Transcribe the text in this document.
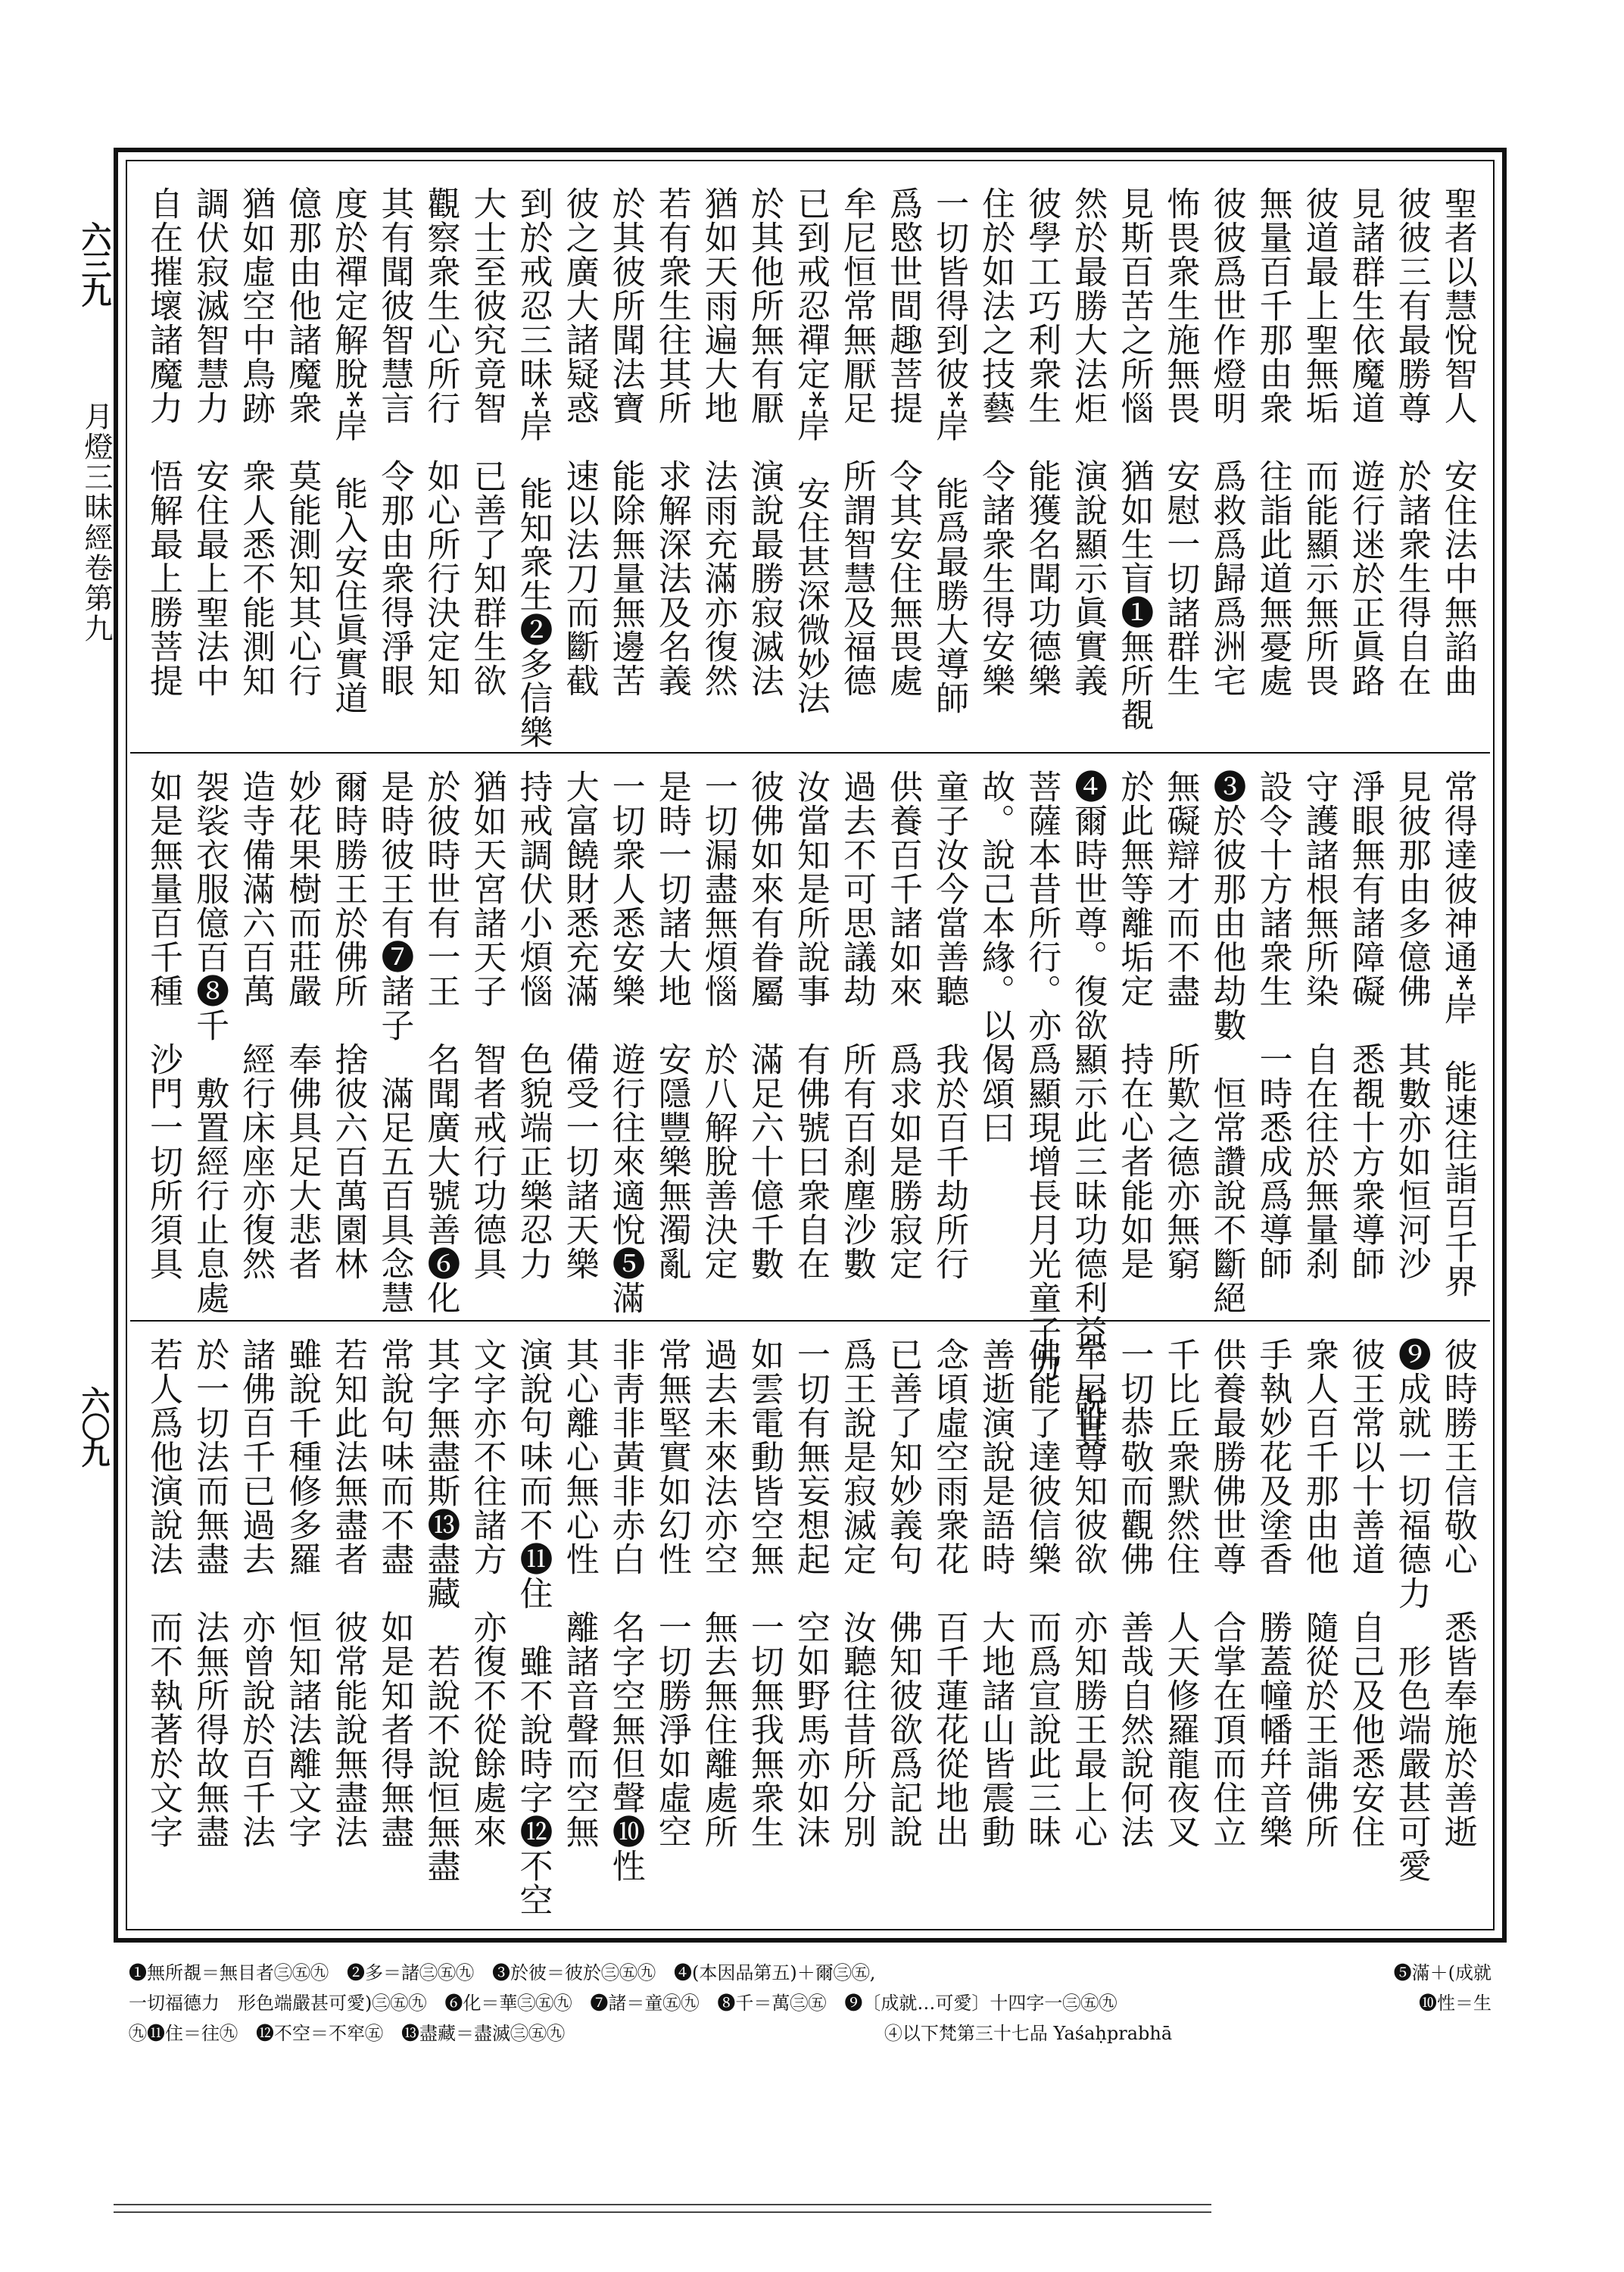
六三九
月燈三昧經卷第九
六〇九
聖者以慧悅智人　安住法中無諂曲
彼彼三有最勝尊　於諸衆生得自在
見諸群生依魔道　遊行迷於正眞路
彼道最上聖無垢　而能顯示無所畏
無量百千那由衆　往詣此道無憂處
彼彼爲世作燈明　爲救爲歸爲洲宅
怖畏衆生施無畏　安慰一切諸群生
見斯百苦之所惱　猶如生盲❶無所覩
然於最勝大法炬　演說顯示眞實義
彼學工巧利衆生　能獲名聞功德樂
住於如法之技藝　令諸衆生得安樂
一切皆得到彼*岸　能爲最勝大導師
爲愍世間趣菩提　令其安住無畏處
牟尼恒常無厭足　所謂智慧及福德
已到戒忍禪定*岸　安住甚深微妙法
於其他所無有厭　演說最勝寂滅法
猶如天雨遍大地　法雨充滿亦復然
若有衆生往其所　求解深法及名義
於其彼所聞法寶　能除無量無邊苦
彼之廣大諸疑惑　速以法刀而斷截
到於戒忍三昧*岸　能知衆生❷多信樂
大士至彼究竟智　已善了知群生欲
觀察衆生心所行　如心所行決定知
其有聞彼智慧言　令那由衆得淨眼
度於禪定解脫*岸　能入安住眞實道
億那由他諸魔衆　莫能測知其心行
猶如虛空中鳥跡　衆人悉不能測知
調伏寂滅智慧力　安住最上聖法中
自在摧壞諸魔力　悟解最上勝菩提
常得達彼神通*岸　能速往詣百千界
見彼那由多億佛　其數亦如恒河沙
淨眼無有諸障礙　悉覩十方衆導師
守護諸根無所染　自在往於無量刹
設令十方諸衆生　一時悉成爲導師
❸於彼那由他劫數　恒常讚說不斷絕
無礙辯才而不盡　所歎之德亦無窮
於此無等離垢定　持在心者能如是
❹爾時世尊。復欲顯示此三昧功德利益。說其
菩薩本昔所行。亦爲顯現增長月光童子力
故。說己本緣。以偈頌曰
童子汝今當善聽　我於百千劫所行
供養百千諸如來　爲求如是勝寂定
過去不可思議劫　所有百刹塵沙數
汝當知是所說事　有佛號曰衆自在
彼佛如來有眷屬　滿足六十億千數
一切漏盡無煩惱　於八解脫善決定
是時一切諸大地　安隱豐樂無濁亂
一切衆人悉安樂　遊行往來適悅❺滿
大富饒財悉充滿　備受一切諸天樂
持戒調伏小煩惱　色貌端正樂忍力
猶如天宮諸天子　智者戒行功德具
於彼時世有一王　名聞廣大號善❻化
是時彼王有❼諸子　滿足五百具念慧
爾時勝王於佛所　捨彼六百萬園林
妙花果樹而莊嚴　奉佛具足大悲者
造寺備滿六百萬　經行床座亦復然
袈裟衣服億百❽千　敷置經行止息處
如是無量百千種　沙門一切所須具
彼時勝王信敬心　悉皆奉施於善逝
❾成就一切福德力　形色端嚴甚可愛
彼王常以十善道　自己及他悉安住
衆人百千那由他　隨從於王詣佛所
手執妙花及塗香　勝蓋幢幡幷音樂
供養最勝佛世尊　合掌在頂而住立
千比丘衆默然住　人天修羅龍夜叉
一切恭敬而觀佛　善哉自然說何法
牟尼世尊知彼欲　亦知勝王最上心
佛能了達彼信樂　而爲宣說此三昧
善逝演說是語時　大地諸山皆震動
念頃虛空雨衆花　百千蓮花從地出
已善了知妙義句　佛知彼欲爲記說
爲王說是寂滅定　汝聽往昔所分別
一切有無妄想起　空如野馬亦如沫
如雲電動皆空無　一切無我無衆生
過去未來法亦空　無去無住離處所
常無堅實如幻性　一切勝淨如虛空
非靑非黃非赤白　名字空無但聲❿性
其心離心無心性　離諸音聲而空無
演說句味而不⓫住　雖不說時字⓬不空
文字亦不往諸方　亦復不從餘處來
其字無盡斯⓭盡藏　若說不說恒無盡
常說句味而不盡　如是知者得無盡
若知此法無盡者　彼常能說無盡法
雖說千種修多羅　恒知諸法離文字
諸佛百千已過去　亦曾說於百千法
於一切法而無盡　法無所得故無盡
若人爲他演說法　而不執著於文字
❶無所覩＝無目者㊂㊄㊈　❷多＝諸㊂㊄㊈　❸於彼＝彼於㊂㊄㊈　❹(本因品第五)＋爾㊂㊄,	❺滿＋(成就
一切福德力　形色端嚴甚可愛)㊂㊄㊈　❻化＝華㊂㊄㊈　❼諸＝童㊄㊈　❽千＝萬㊂㊄　❾〔成就…可愛〕十四字一㊂㊄㊈	❿性＝生
㊈⓫住＝往㊈　⓬不空＝不窂㊄　⓭盡藏＝盡滅㊂㊄㊈	④以下梵第三十七品 Yaśaḥprabhā
